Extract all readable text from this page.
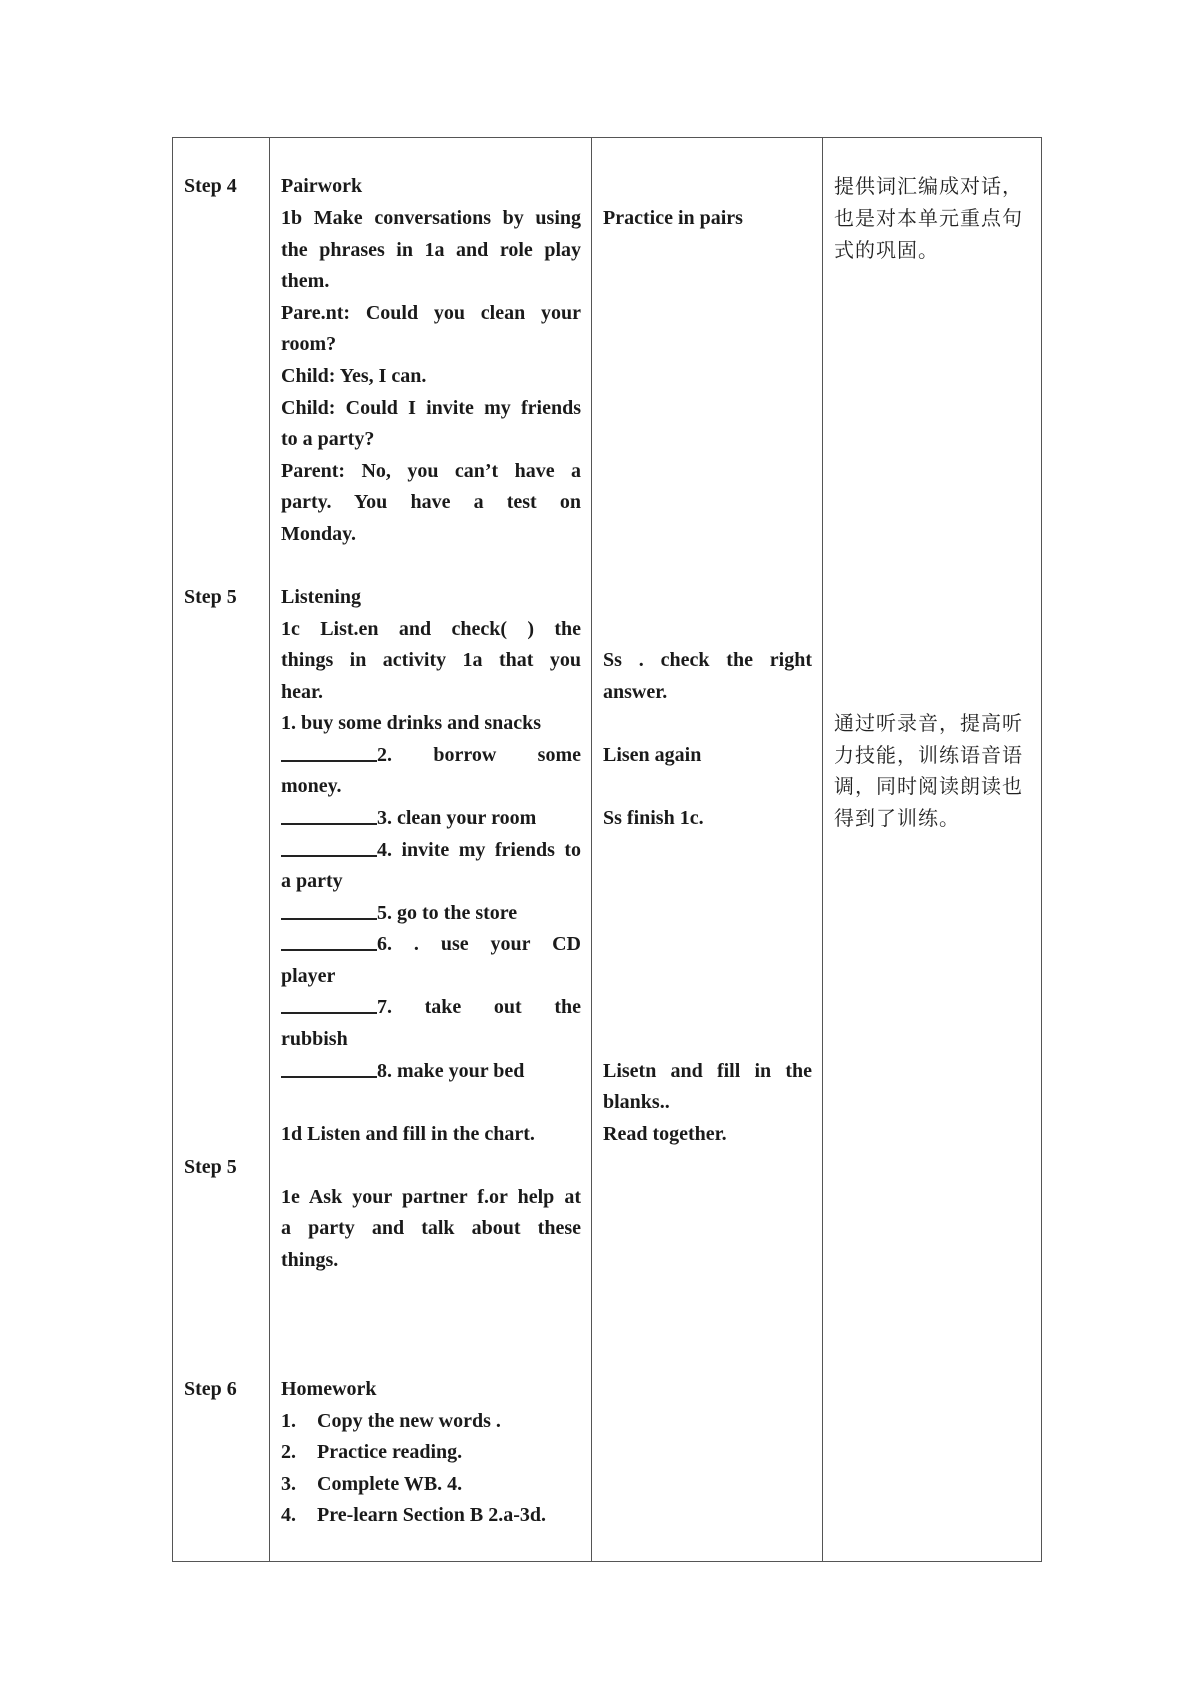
Step 4
Step 5
Step 5
Step 6
Pairwork
1b Make conversations by using
the phrases in 1a and role play
them.
Pare.nt: Could you clean your
room?
Child: Yes, I can.
Child: Could I invite my friends
to a party?
Parent: No, you can’t have a
party. You have a test on
Monday.
Listening
1c List.en and check( ) the
things in activity 1a that you
hear.
1. buy some drinks and snacks
2. borrow some
money.
3. clean your room
4. invite my friends to
a party
5. go to the store
6. . use your CD
player
7. take out the
rubbish
8. make your bed
1d Listen and fill in the chart.
1e Ask your partner f.or help at
a party and talk about these
things.
Homework
1. Copy the new words .
2. Practice reading.
3. Complete WB. 4.
4. Pre-learn Section B 2.a-3d.
Practice in pairs
Ss . check the right
answer.
Lisen again
Ss finish 1c.
Lisetn and fill in the
blanks..
Read together.
提供词汇编成对话，
也是对本单元重点句
式的巩固。
通过听录音，提高听
力技能，训练语音语
调，同时阅读朗读也
得到了训练。
